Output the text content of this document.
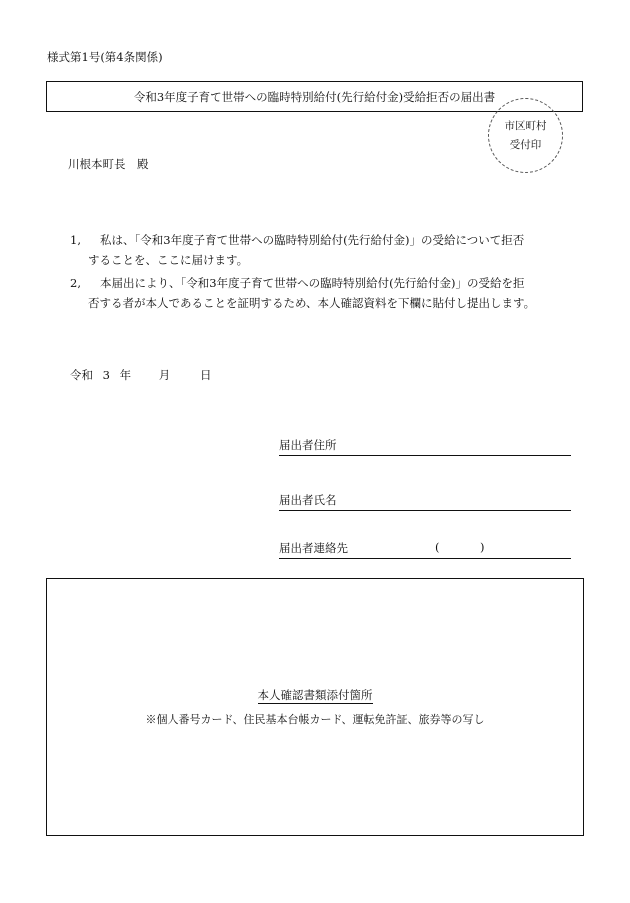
様式第1号(第4条関係)
令和3年度子育て世帯への臨時特別給付(先行給付金)受給拒否の届出書
市区町村
受付印
川根本町長　殿
1, 私は、「令和3年度子育て世帯への臨時特別給付(先行給付金)」の受給について拒否
することを、ここに届けます。
2, 本届出により、「令和3年度子育て世帯への臨時特別給付(先行給付金)」の受給を拒
否する者が本人であることを証明するため、本人確認資料を下欄に貼付し提出します。
令和 3 年 月	日
届出者住所
届出者氏名
届出者連絡先	(	)
本人確認書類添付箇所
※個人番号カード、住民基本台帳カード、運転免許証、旅券等の写し
